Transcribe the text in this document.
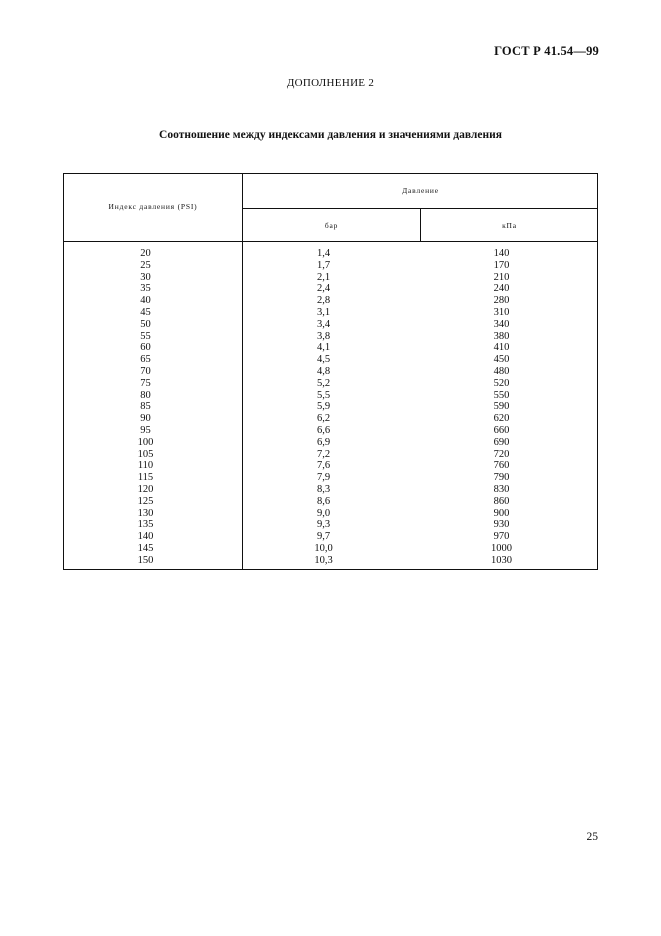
ГОСТ Р 41.54—99
ДОПОЛНЕНИЕ 2
Соотношение между индексами давления и значениями давления
Индекс давления (PSI)
Давление
бар	кПа
20
25
30
35
40
45
50
55
60
65
70
75
80
85
90
95
100
105
110
115
120
125
130
135
140
145
150
1,4
1,7
2,1
2,4
2,8
3,1
3,4
3,8
4,1
4,5
4,8
5,2
5,5
5,9
6,2
6,6
6,9
7,2
7,6
7,9
8,3
8,6
9,0
9,3
9,7
10,0
10,3
140
170
210
240
280
310
340
380
410
450
480
520
550
590
620
660
690
720
760
790
830
860
900
930
970
1000
1030
25
